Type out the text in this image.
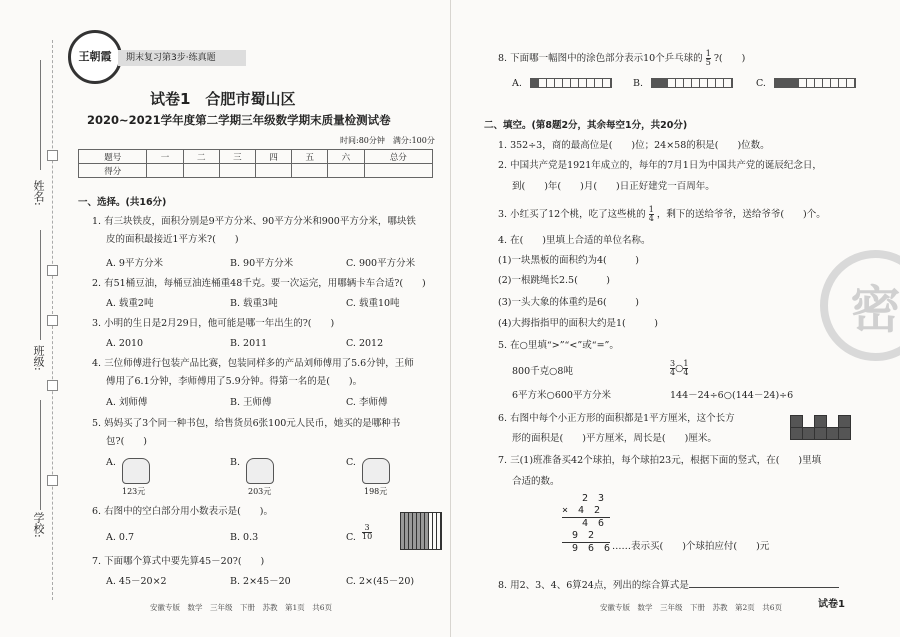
姓名:
班级:
学校:
王朝霞	期末复习第3步·练真题
试卷1　合肥市蜀山区
2020~2021学年度第二学期三年级数学期末质量检测试卷
时间:80分钟　满分:100分
题号	一	二	三	四	五	六	总分
得分							
一、选择。(共16分)
1. 有三块铁皮，面积分别是9平方分米、90平方分米和900平方分米，哪块铁
皮的面积最接近1平方米?(　　)
A. 9平方分米	B. 90平方分米	C. 900平方分米
2. 有51桶豆油，每桶豆油连桶重48千克。要一次运完，用哪辆卡车合适?(　　)
A. 载重2吨	B. 载重3吨	C. 载重10吨
3. 小明的生日是2月29日，他可能是哪一年出生的?(　　)
A. 2010	B. 2011	C. 2012
4. 三位师傅进行包装产品比赛，包装同样多的产品刘师傅用了5.6分钟，王师
傅用了6.1分钟，李师傅用了5.9分钟。得第一名的是(　　)。
A. 刘师傅	B. 王师傅	C. 李师傅
5. 妈妈买了3个同一种书包，给售货员6张100元人民币，她买的是哪种书
包?(　　)
A.
123元
B.
203元
C.
198元
6. 右图中的空白部分用小数表示是(　　)。
A. 0.7	B. 0.3	C. $\frac{3}{10}$
7. 下面哪个算式中要先算45－20?(　　)
A. 45－20×2	B. 2×45－20	C. 2×(45－20)
安徽专版　数学　三年级　下册　苏教　第1页　共6页
密
8. 下面哪一幅图中的涂色部分表示10个乒乓球的 $\frac{1}{5}$ ?(　　)
A.	B.	C.
二、填空。(第8题2分，其余每空1分，共20分)
1. 352÷3，商的最高位是(　　)位；24×58的积是(　　)位数。
2. 中国共产党是1921年成立的，每年的7月1日为中国共产党的诞辰纪念日，
到(　　)年(　　)月(　　)日正好建党一百周年。
3. 小红买了12个桃，吃了这些桃的 $\frac{1}{4}$ ，剩下的送给爷爷，送给爷爷(　　)个。
4. 在(　　)里填上合适的单位名称。
(1)一块黑板的面积约为4(　　　)
(2)一根跳绳长2.5(　　　)
(3)一头大象的体重约是6(　　　)
(4)大拇指指甲的面积大约是1(　　　)
5. 在○里填“>”“<”或“=”。
800千克○8吨	$\frac{3}{4}$ ○ $\frac{1}{4}$
6平方米○600平方分米	144－24÷6○(144－24)÷6
6. 右图中每个小正方形的面积都是1平方厘米，这个长方
形的面积是(　　)平方厘米，周长是(　　)厘米。
7. 三(1)班准备买42个球拍，每个球拍23元，根据下面的竖式，在(　　)里填
合适的数。
　　2　3
×　4　2
　　4　6
　9　2
　9　6　6 ……表示买(　　)个球拍应付(　　)元
8. 用2、3、4、6算24点，列出的综合算式是
安徽专版　数学　三年级　下册　苏教　第2页　共6页	试卷1
